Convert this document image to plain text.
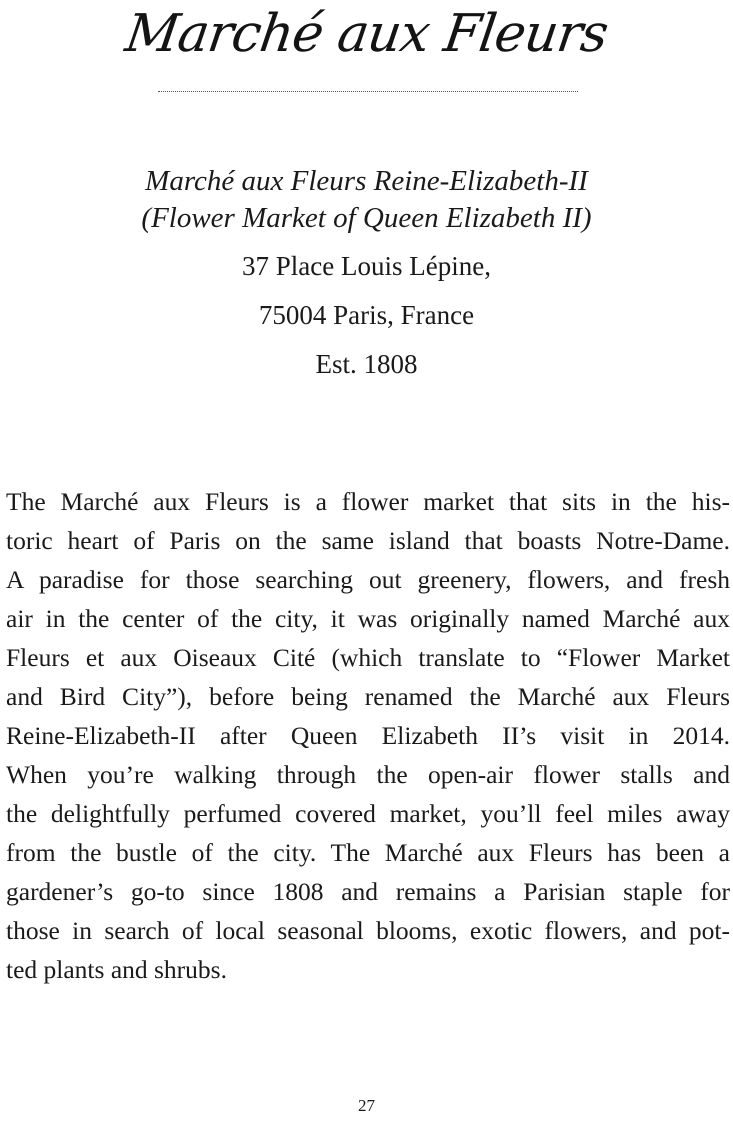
Marché aux Fleurs

Marché aux Fleurs Reine-Elizabeth-II

(Flower Market of Queen Elizabeth II)

37 Place Louis Lépine,

75004 Paris, France

Est. 1808

The Marché aux Fleurs is a flower market that sits in the his-
toric heart of Paris on the same island that boasts Notre-Dame.
A paradise for those searching out greenery, flowers, and fresh
air in the center of the city, it was originally named Marché aux
Fleurs et aux Oiseaux Cité (which translate to “Flower Market
and Bird City”), before being renamed the Marché aux Fleurs
Reine-Elizabeth-II after Queen Elizabeth II’s visit in 2014.
When you’re walking through the open-air flower stalls and
the delightfully perfumed covered market, you’ll feel miles away
from the bustle of the city. The Marché aux Fleurs has been a
gardener’s go-to since 1808 and remains a Parisian staple for
those in search of local seasonal blooms, exotic flowers, and pot-
ted plants and shrubs.

27
